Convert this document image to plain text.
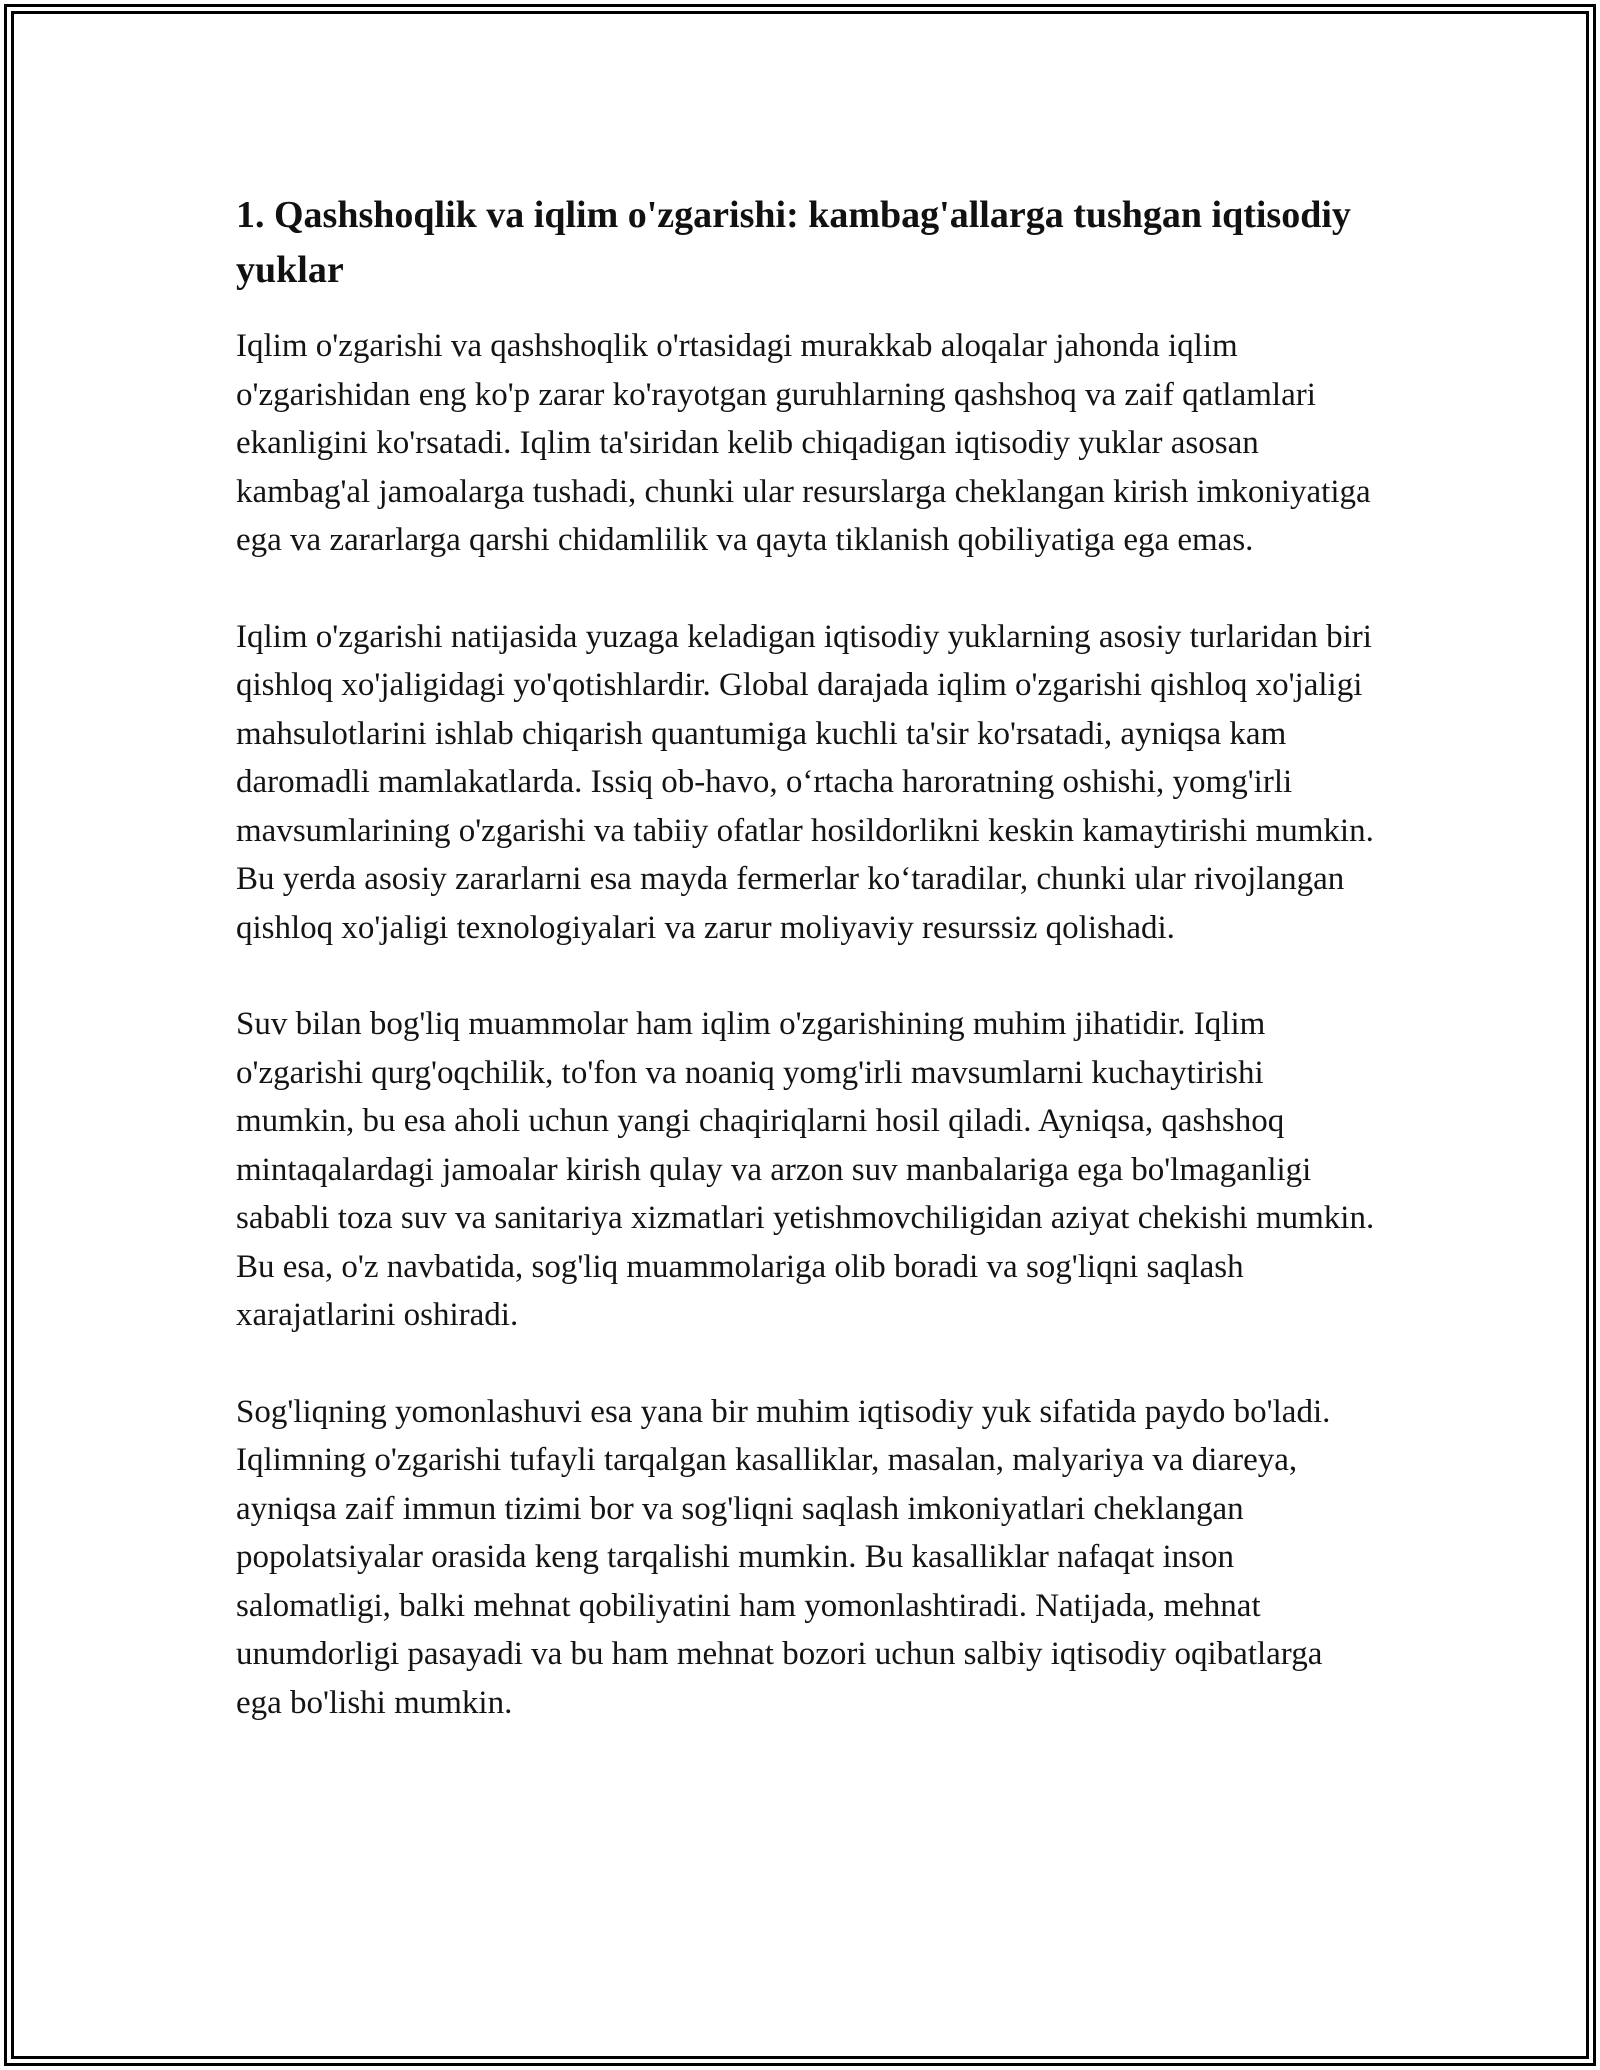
1. Qashshoqlik va iqlim o'zgarishi: kambag'allarga tushgan iqtisodiy yuklar

Iqlim o'zgarishi va qashshoqlik o'rtasidagi murakkab aloqalar jahonda iqlim o'zgarishidan eng ko'p zarar ko'rayotgan guruhlarning qashshoq va zaif qatlamlari ekanligini ko'rsatadi. Iqlim ta'siridan kelib chiqadigan iqtisodiy yuklar asosan kambag'al jamoalarga tushadi, chunki ular resurslarga cheklangan kirish imkoniyatiga ega va zararlarga qarshi chidamlilik va qayta tiklanish qobiliyatiga ega emas.

Iqlim o'zgarishi natijasida yuzaga keladigan iqtisodiy yuklarning asosiy turlaridan biri qishloq xo'jaligidagi yo'qotishlardir. Global darajada iqlim o'zgarishi qishloq xo'jaligi mahsulotlarini ishlab chiqarish quantumiga kuchli ta'sir ko'rsatadi, ayniqsa kam daromadli mamlakatlarda. Issiq ob-havo, o‘rtacha haroratning oshishi, yomg'irli mavsumlarining o'zgarishi va tabiiy ofatlar hosildorlikni keskin kamaytirishi mumkin. Bu yerda asosiy zararlarni esa mayda fermerlar ko‘taradilar, chunki ular rivojlangan qishloq xo'jaligi texnologiyalari va zarur moliyaviy resurssiz qolishadi.

Suv bilan bog'liq muammolar ham iqlim o'zgarishining muhim jihatidir. Iqlim o'zgarishi qurg'oqchilik, to'fon va noaniq yomg'irli mavsumlarni kuchaytirishi mumkin, bu esa aholi uchun yangi chaqiriqlarni hosil qiladi. Ayniqsa, qashshoq mintaqalardagi jamoalar kirish qulay va arzon suv manbalariga ega bo'lmaganligi sababli toza suv va sanitariya xizmatlari yetishmovchiligidan aziyat chekishi mumkin. Bu esa, o'z navbatida, sog'liq muammolariga olib boradi va sog'liqni saqlash xarajatlarini oshiradi.

Sog'liqning yomonlashuvi esa yana bir muhim iqtisodiy yuk sifatida paydo bo'ladi. Iqlimning o'zgarishi tufayli tarqalgan kasalliklar, masalan, malyariya va diareya, ayniqsa zaif immun tizimi bor va sog'liqni saqlash imkoniyatlari cheklangan popolatsiyalar orasida keng tarqalishi mumkin. Bu kasalliklar nafaqat inson salomatligi, balki mehnat qobiliyatini ham yomonlashtiradi. Natijada, mehnat unumdorligi pasayadi va bu ham mehnat bozori uchun salbiy iqtisodiy oqibatlarga ega bo'lishi mumkin.
